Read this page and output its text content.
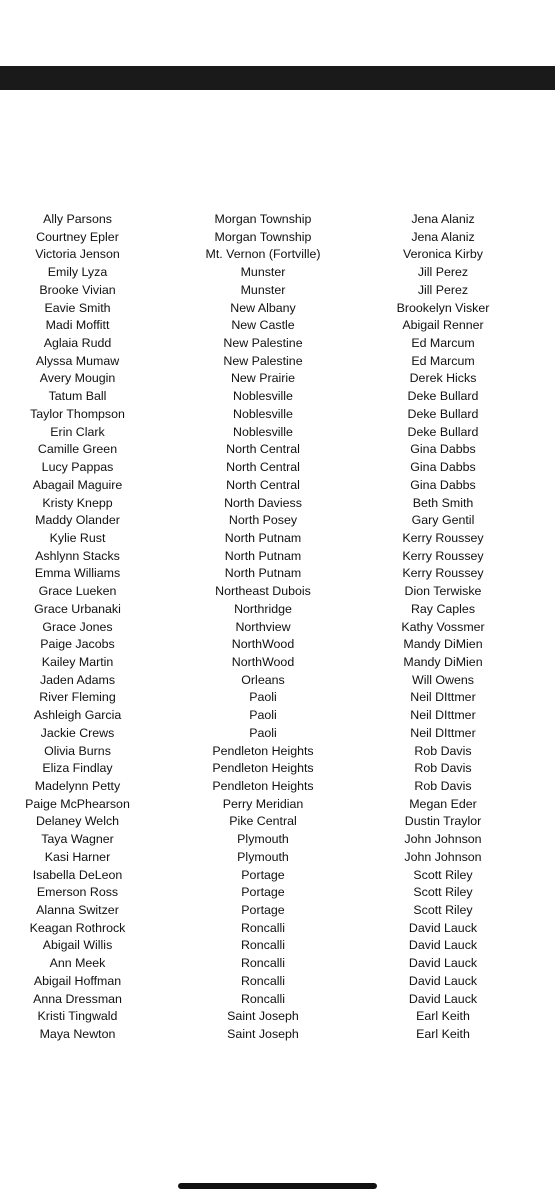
Ally Parsons	Morgan Township	Jena Alaniz
Courtney Epler	Morgan Township	Jena Alaniz
Victoria Jenson	Mt. Vernon (Fortville)	Veronica Kirby
Emily Lyza	Munster	Jill Perez
Brooke Vivian	Munster	Jill Perez
Eavie Smith	New Albany	Brookelyn Visker
Madi Moffitt	New Castle	Abigail Renner
Aglaia Rudd	New Palestine	Ed Marcum
Alyssa Mumaw	New Palestine	Ed Marcum
Avery Mougin	New Prairie	Derek Hicks
Tatum Ball	Noblesville	Deke Bullard
Taylor Thompson	Noblesville	Deke Bullard
Erin Clark	Noblesville	Deke Bullard
Camille Green	North Central	Gina Dabbs
Lucy Pappas	North Central	Gina Dabbs
Abagail Maguire	North Central	Gina Dabbs
Kristy Knepp	North Daviess	Beth Smith
Maddy Olander	North Posey	Gary Gentil
Kylie Rust	North Putnam	Kerry Roussey
Ashlynn Stacks	North Putnam	Kerry Roussey
Emma Williams	North Putnam	Kerry Roussey
Grace Lueken	Northeast Dubois	Dion Terwiske
Grace Urbanaki	Northridge	Ray Caples
Grace Jones	Northview	Kathy Vossmer
Paige Jacobs	NorthWood	Mandy DiMien
Kailey Martin	NorthWood	Mandy DiMien
Jaden Adams	Orleans	Will Owens
River Fleming	Paoli	Neil DIttmer
Ashleigh Garcia	Paoli	Neil DIttmer
Jackie Crews	Paoli	Neil DIttmer
Olivia Burns	Pendleton Heights	Rob Davis
Eliza Findlay	Pendleton Heights	Rob Davis
Madelynn Petty	Pendleton Heights	Rob Davis
Paige McPhearson	Perry Meridian	Megan Eder
Delaney Welch	Pike Central	Dustin Traylor
Taya Wagner	Plymouth	John Johnson
Kasi Harner	Plymouth	John Johnson
Isabella DeLeon	Portage	Scott Riley
Emerson Ross	Portage	Scott Riley
Alanna Switzer	Portage	Scott Riley
Keagan Rothrock	Roncalli	David Lauck
Abigail Willis	Roncalli	David Lauck
Ann Meek	Roncalli	David Lauck
Abigail Hoffman	Roncalli	David Lauck
Anna Dressman	Roncalli	David Lauck
Kristi Tingwald	Saint Joseph	Earl Keith
Maya Newton	Saint Joseph	Earl Keith
